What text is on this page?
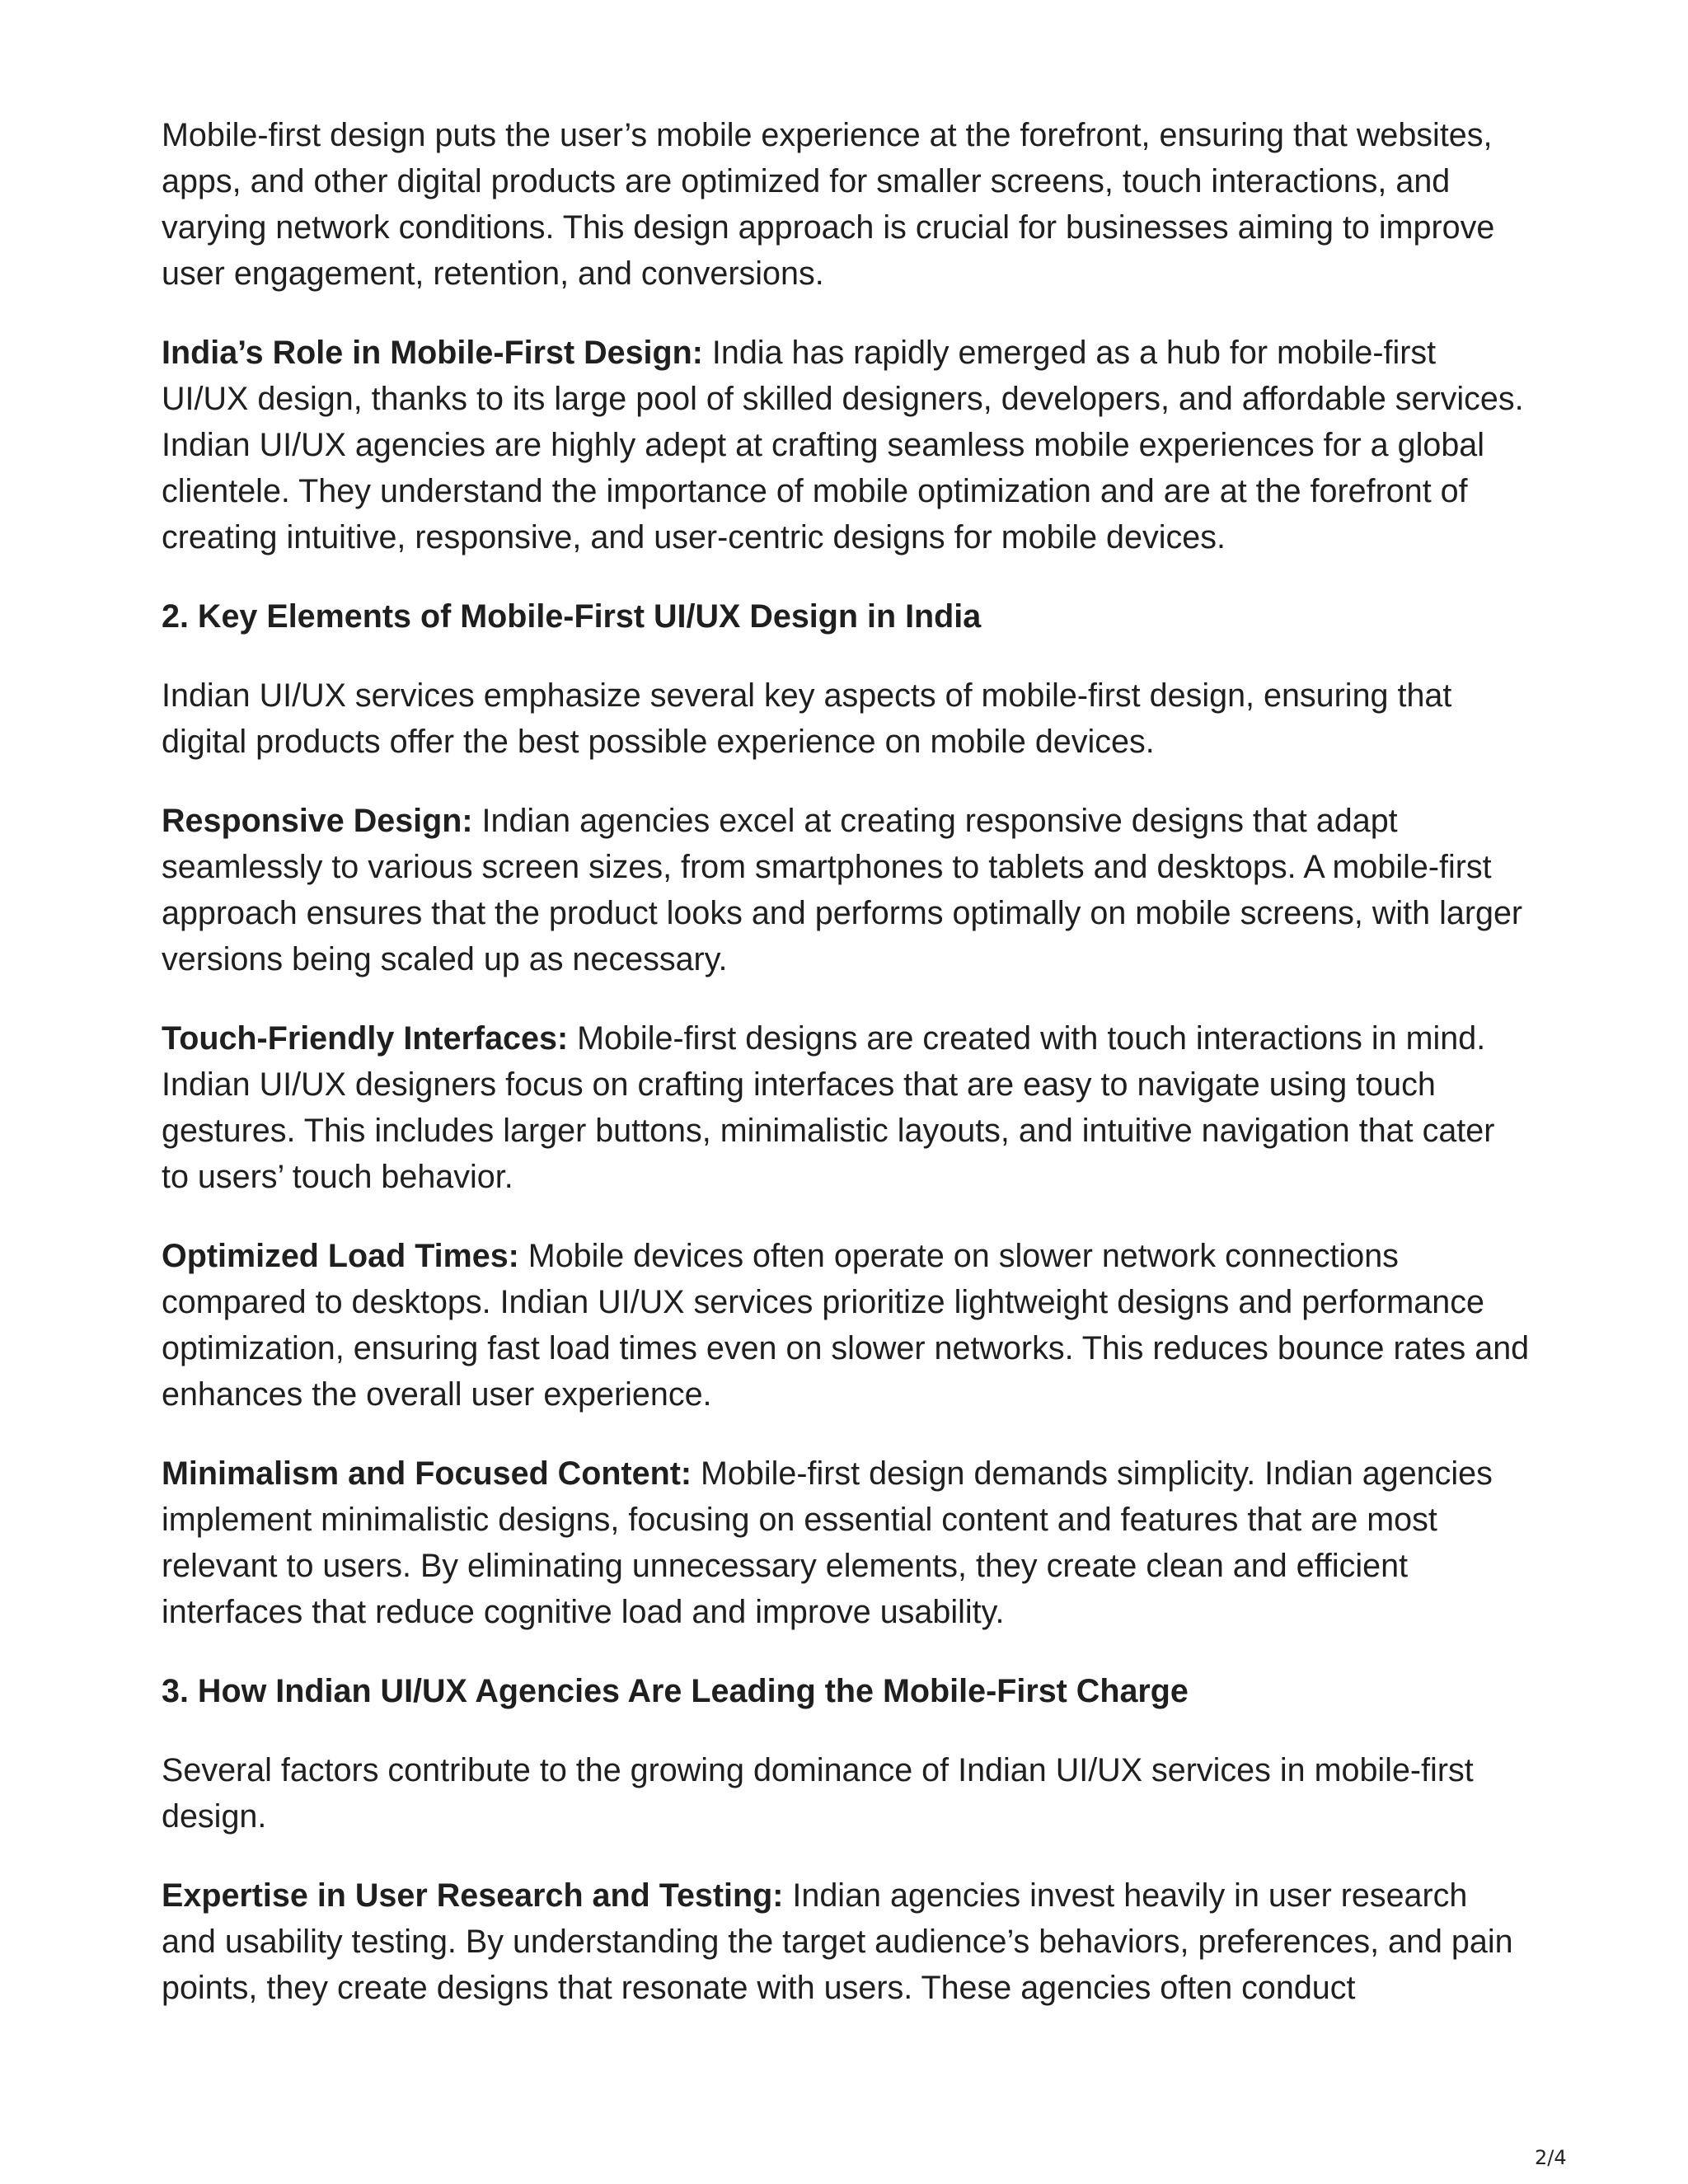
Mobile-first design puts the user’s mobile experience at the forefront, ensuring that websites, apps, and other digital products are optimized for smaller screens, touch interactions, and varying network conditions. This design approach is crucial for businesses aiming to improve user engagement, retention, and conversions.

India’s Role in Mobile-First Design: India has rapidly emerged as a hub for mobile-first UI/UX design, thanks to its large pool of skilled designers, developers, and affordable services. Indian UI/UX agencies are highly adept at crafting seamless mobile experiences for a global clientele. They understand the importance of mobile optimization and are at the forefront of creating intuitive, responsive, and user-centric designs for mobile devices.

2. Key Elements of Mobile-First UI/UX Design in India

Indian UI/UX services emphasize several key aspects of mobile-first design, ensuring that digital products offer the best possible experience on mobile devices.

Responsive Design: Indian agencies excel at creating responsive designs that adapt seamlessly to various screen sizes, from smartphones to tablets and desktops. A mobile-first approach ensures that the product looks and performs optimally on mobile screens, with larger versions being scaled up as necessary.

Touch-Friendly Interfaces: Mobile-first designs are created with touch interactions in mind. Indian UI/UX designers focus on crafting interfaces that are easy to navigate using touch gestures. This includes larger buttons, minimalistic layouts, and intuitive navigation that cater to users’ touch behavior.

Optimized Load Times: Mobile devices often operate on slower network connections compared to desktops. Indian UI/UX services prioritize lightweight designs and performance optimization, ensuring fast load times even on slower networks. This reduces bounce rates and enhances the overall user experience.

Minimalism and Focused Content: Mobile-first design demands simplicity. Indian agencies implement minimalistic designs, focusing on essential content and features that are most relevant to users. By eliminating unnecessary elements, they create clean and efficient interfaces that reduce cognitive load and improve usability.

3. How Indian UI/UX Agencies Are Leading the Mobile-First Charge

Several factors contribute to the growing dominance of Indian UI/UX services in mobile-first design.

Expertise in User Research and Testing: Indian agencies invest heavily in user research and usability testing. By understanding the target audience’s behaviors, preferences, and pain points, they create designs that resonate with users. These agencies often conduct

2/4
